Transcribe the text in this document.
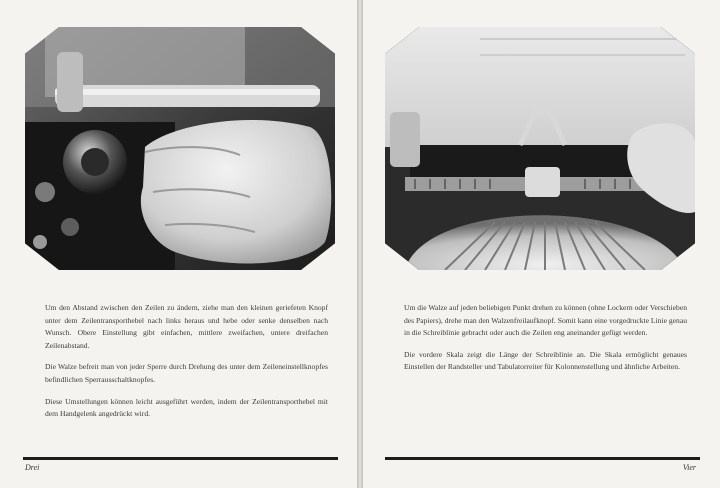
Um den Abstand zwischen den Zeilen zu ändern, ziehe man den kleinen geriefeten Knopf unter dem Zeilentransporthebel nach links heraus und hebe oder senke denselben nach Wunsch. Obere Einstellung gibt einfachen, mittlere zweifachen, untere dreifachen Zeilenabstand.

Die Walze befreit man von jeder Sperre durch Drehung des unter dem Zeileneinstellknopfes befindlichen Sperrausschaltknopfes.

Diese Umstellungen können leicht ausgeführt werden, indem der Zeilentransporthebel mit dem Handgelenk angedrückt wird.

Drei

Um die Walze auf jeden beliebigen Punkt drehen zu können (ohne Lockern oder Verschieben des Papiers), drehe man den Walzenfreilaufknopf. Somit kann eine vorgedruckte Linie genau in die Schreiblinie gebracht oder auch die Zeilen eng aneinander gefügt werden.

Die vordere Skala zeigt die Länge der Schreiblinie an. Die Skala ermöglicht genaues Einstellen der Randsteller und Tabulatorreiter für Kolonnenstellung und ähnliche Arbeiten.

Vier
